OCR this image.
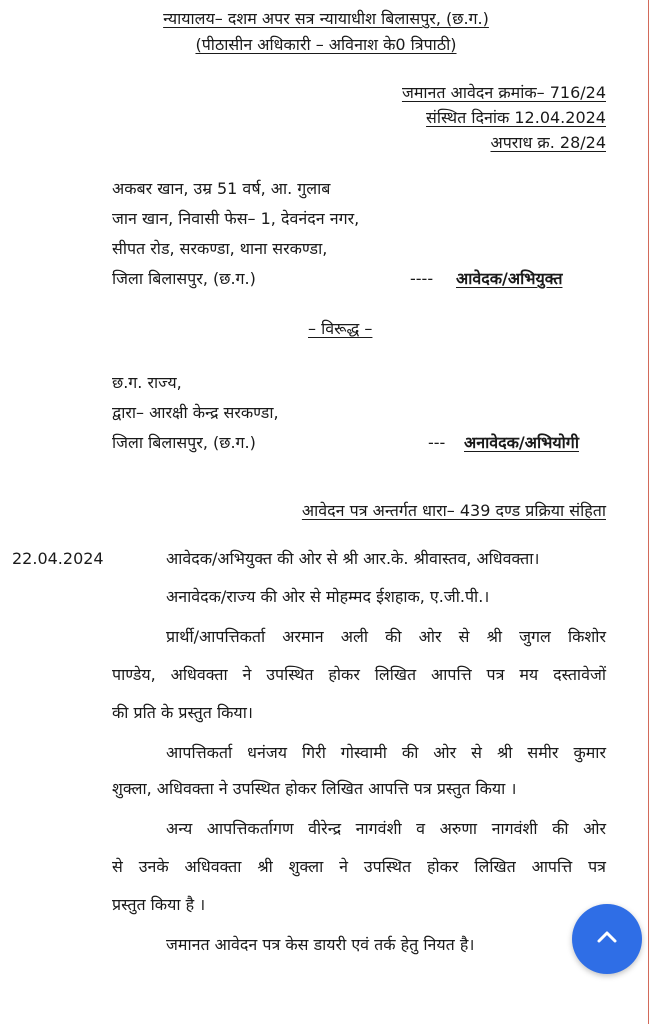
न्यायालय– दशम अपर सत्र न्यायाधीश बिलासपुर, (छ.ग.)
(पीठासीन अधिकारी – अविनाश के0 त्रिपाठी)
जमानत आवेदन क्रमांक– 716/24
संस्थित दिनांक 12.04.2024
अपराध क्र. 28/24
अकबर खान, उम्र 51 वर्ष, आ. गुलाब
जान खान, निवासी फेस– 1, देवनंदन नगर,
सीपत रोड, सरकण्डा, थाना सरकण्डा,
जिला बिलासपुर, (छ.ग.)	---- आवेदक/अभियुक्त
– विरूद्ध –
छ.ग. राज्य,
द्वारा– आरक्षी केन्द्र सरकण्डा,
जिला बिलासपुर, (छ.ग.)	--- अनावेदक/अभियोगी
आवेदन पत्र अन्तर्गत धारा– 439 दण्ड प्रक्रिया संहिता
22.04.2024	आवेदक/अभियुक्त की ओर से श्री आर.के. श्रीवास्तव, अधिवक्ता।
अनावेदक/राज्य की ओर से मोहम्मद ईशहाक, ए.जी.पी.।
प्रार्थी/आपत्तिकर्ता अरमान अली की ओर से श्री जुगल किशोर
पाण्डेय, अधिवक्ता ने उपस्थित होकर लिखित आपत्ति पत्र मय दस्तावेजों
की प्रति के प्रस्तुत किया।
आपत्तिकर्ता धनंजय गिरी गोस्वामी की ओर से श्री समीर कुमार
शुक्ला, अधिवक्ता ने उपस्थित होकर लिखित आपत्ति पत्र प्रस्तुत किया ।
अन्य आपत्तिकर्तागण वीरेन्द्र नागवंशी व अरुणा नागवंशी की ओर
से उनके अधिवक्ता श्री शुक्ला ने उपस्थित होकर लिखित आपत्ति पत्र
प्रस्तुत किया है ।
जमानत आवेदन पत्र केस डायरी एवं तर्क हेतु नियत है।
